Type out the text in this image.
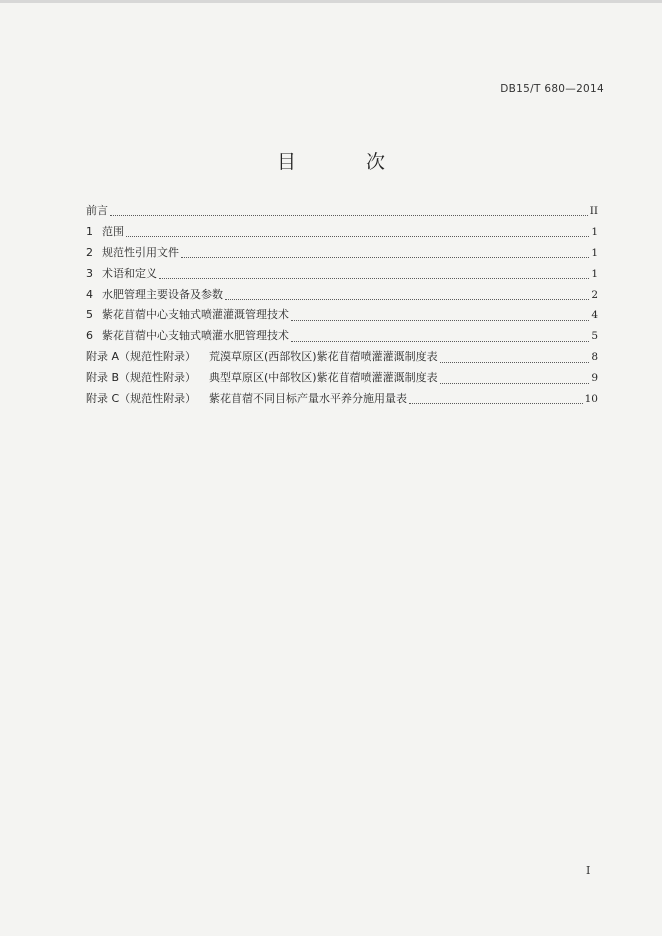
DB15/T 680—2014
目 次
前言	II
1 范围	1
2 规范性引用文件	1
3 术语和定义	1
4 水肥管理主要设备及参数	2
5 紫花苜蓿中心支轴式喷灌灌溉管理技术	4
6 紫花苜蓿中心支轴式喷灌水肥管理技术	5
附录 A（规范性附录）	荒漠草原区(西部牧区)紫花苜蓿喷灌灌溉制度表	8
附录 B（规范性附录）	典型草原区(中部牧区)紫花苜蓿喷灌灌溉制度表	9
附录 C（规范性附录）	紫花苜蓿不同目标产量水平养分施用量表	10
I
